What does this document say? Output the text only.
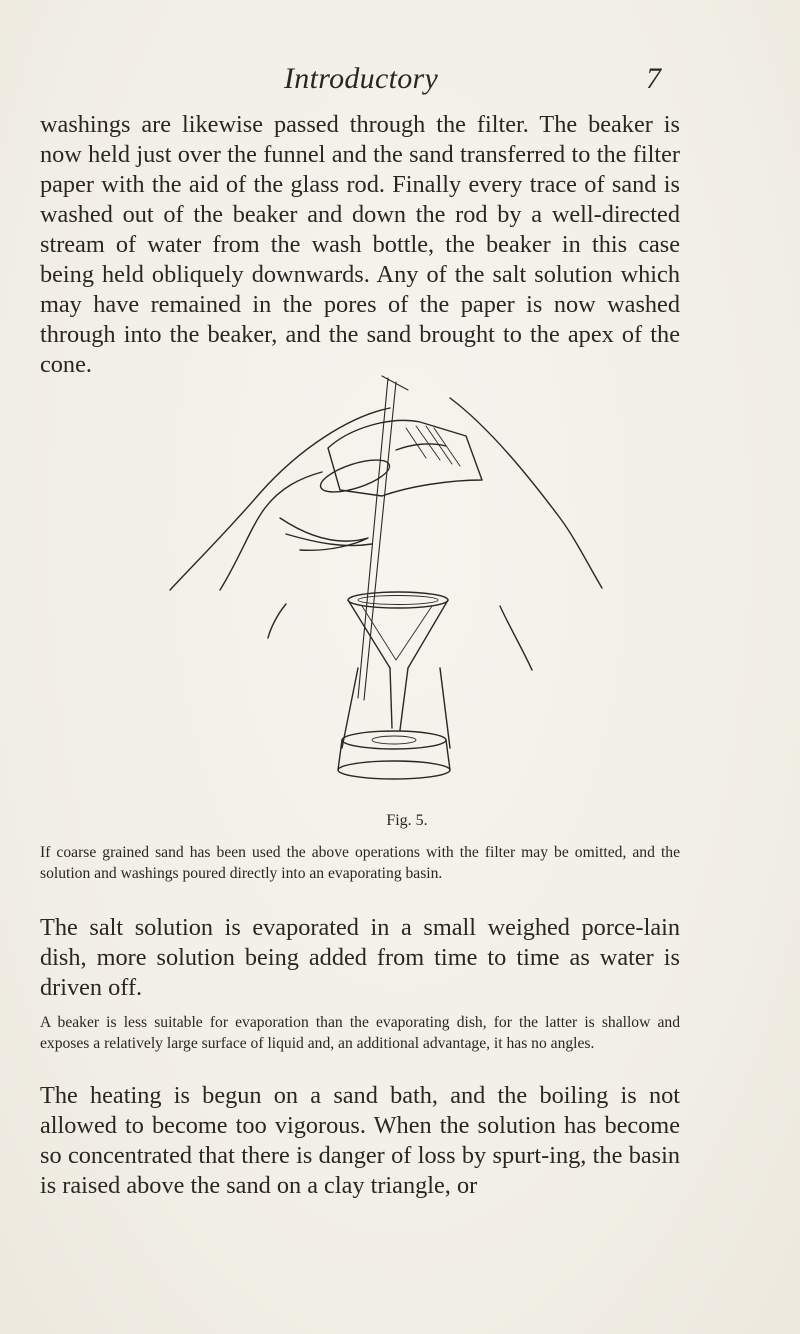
Introductory	7

washings are likewise passed through the filter. The beaker is now held just over the funnel and the sand transferred to the filter paper with the aid of the glass rod. Finally every trace of sand is washed out of the beaker and down the rod by a well-directed stream of water from the wash bottle, the beaker in this case being held obliquely downwards. Any of the salt solution which may have remained in the pores of the paper is now washed through into the beaker, and the sand brought to the apex of the cone.

Fig. 5.

If coarse grained sand has been used the above operations with the filter may be omitted, and the solution and washings poured directly into an evaporating basin.

The salt solution is evaporated in a small weighed porce-lain dish, more solution being added from time to time as water is driven off.

A beaker is less suitable for evaporation than the evaporating dish, for the latter is shallow and exposes a relatively large surface of liquid and, an additional advantage, it has no angles.

The heating is begun on a sand bath, and the boiling is not allowed to become too vigorous. When the solution has become so concentrated that there is danger of loss by spurt-ing, the basin is raised above the sand on a clay triangle, or
